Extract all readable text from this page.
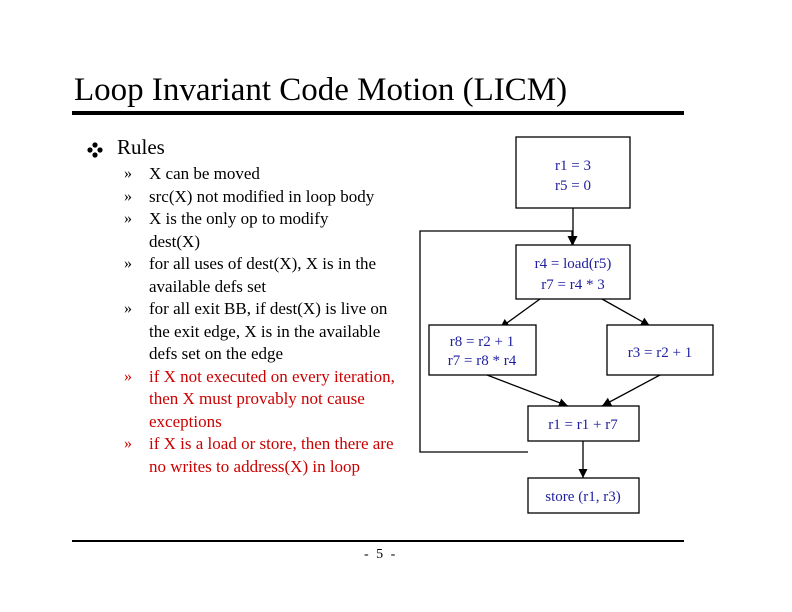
Loop Invariant Code Motion (LICM)
Rules
» X can be moved
» src(X) not modified in loop body
» X is the only op to modify dest(X)
» for all uses of dest(X), X is in the available defs set
» for all exit BB, if dest(X) is live on the exit edge, X is in the available defs set on the edge
» if X not executed on every iteration, then X must provably not cause exceptions
» if X is a load or store, then there are no writes to address(X) in loop
r1 = 3
r5 = 0
r4 = load(r5)
r7 = r4 * 3
r8 = r2 + 1
r7 = r8 * r4	r3 = r2 + 1
r1 = r1 + r7
store (r1, r3)
- 5 -
